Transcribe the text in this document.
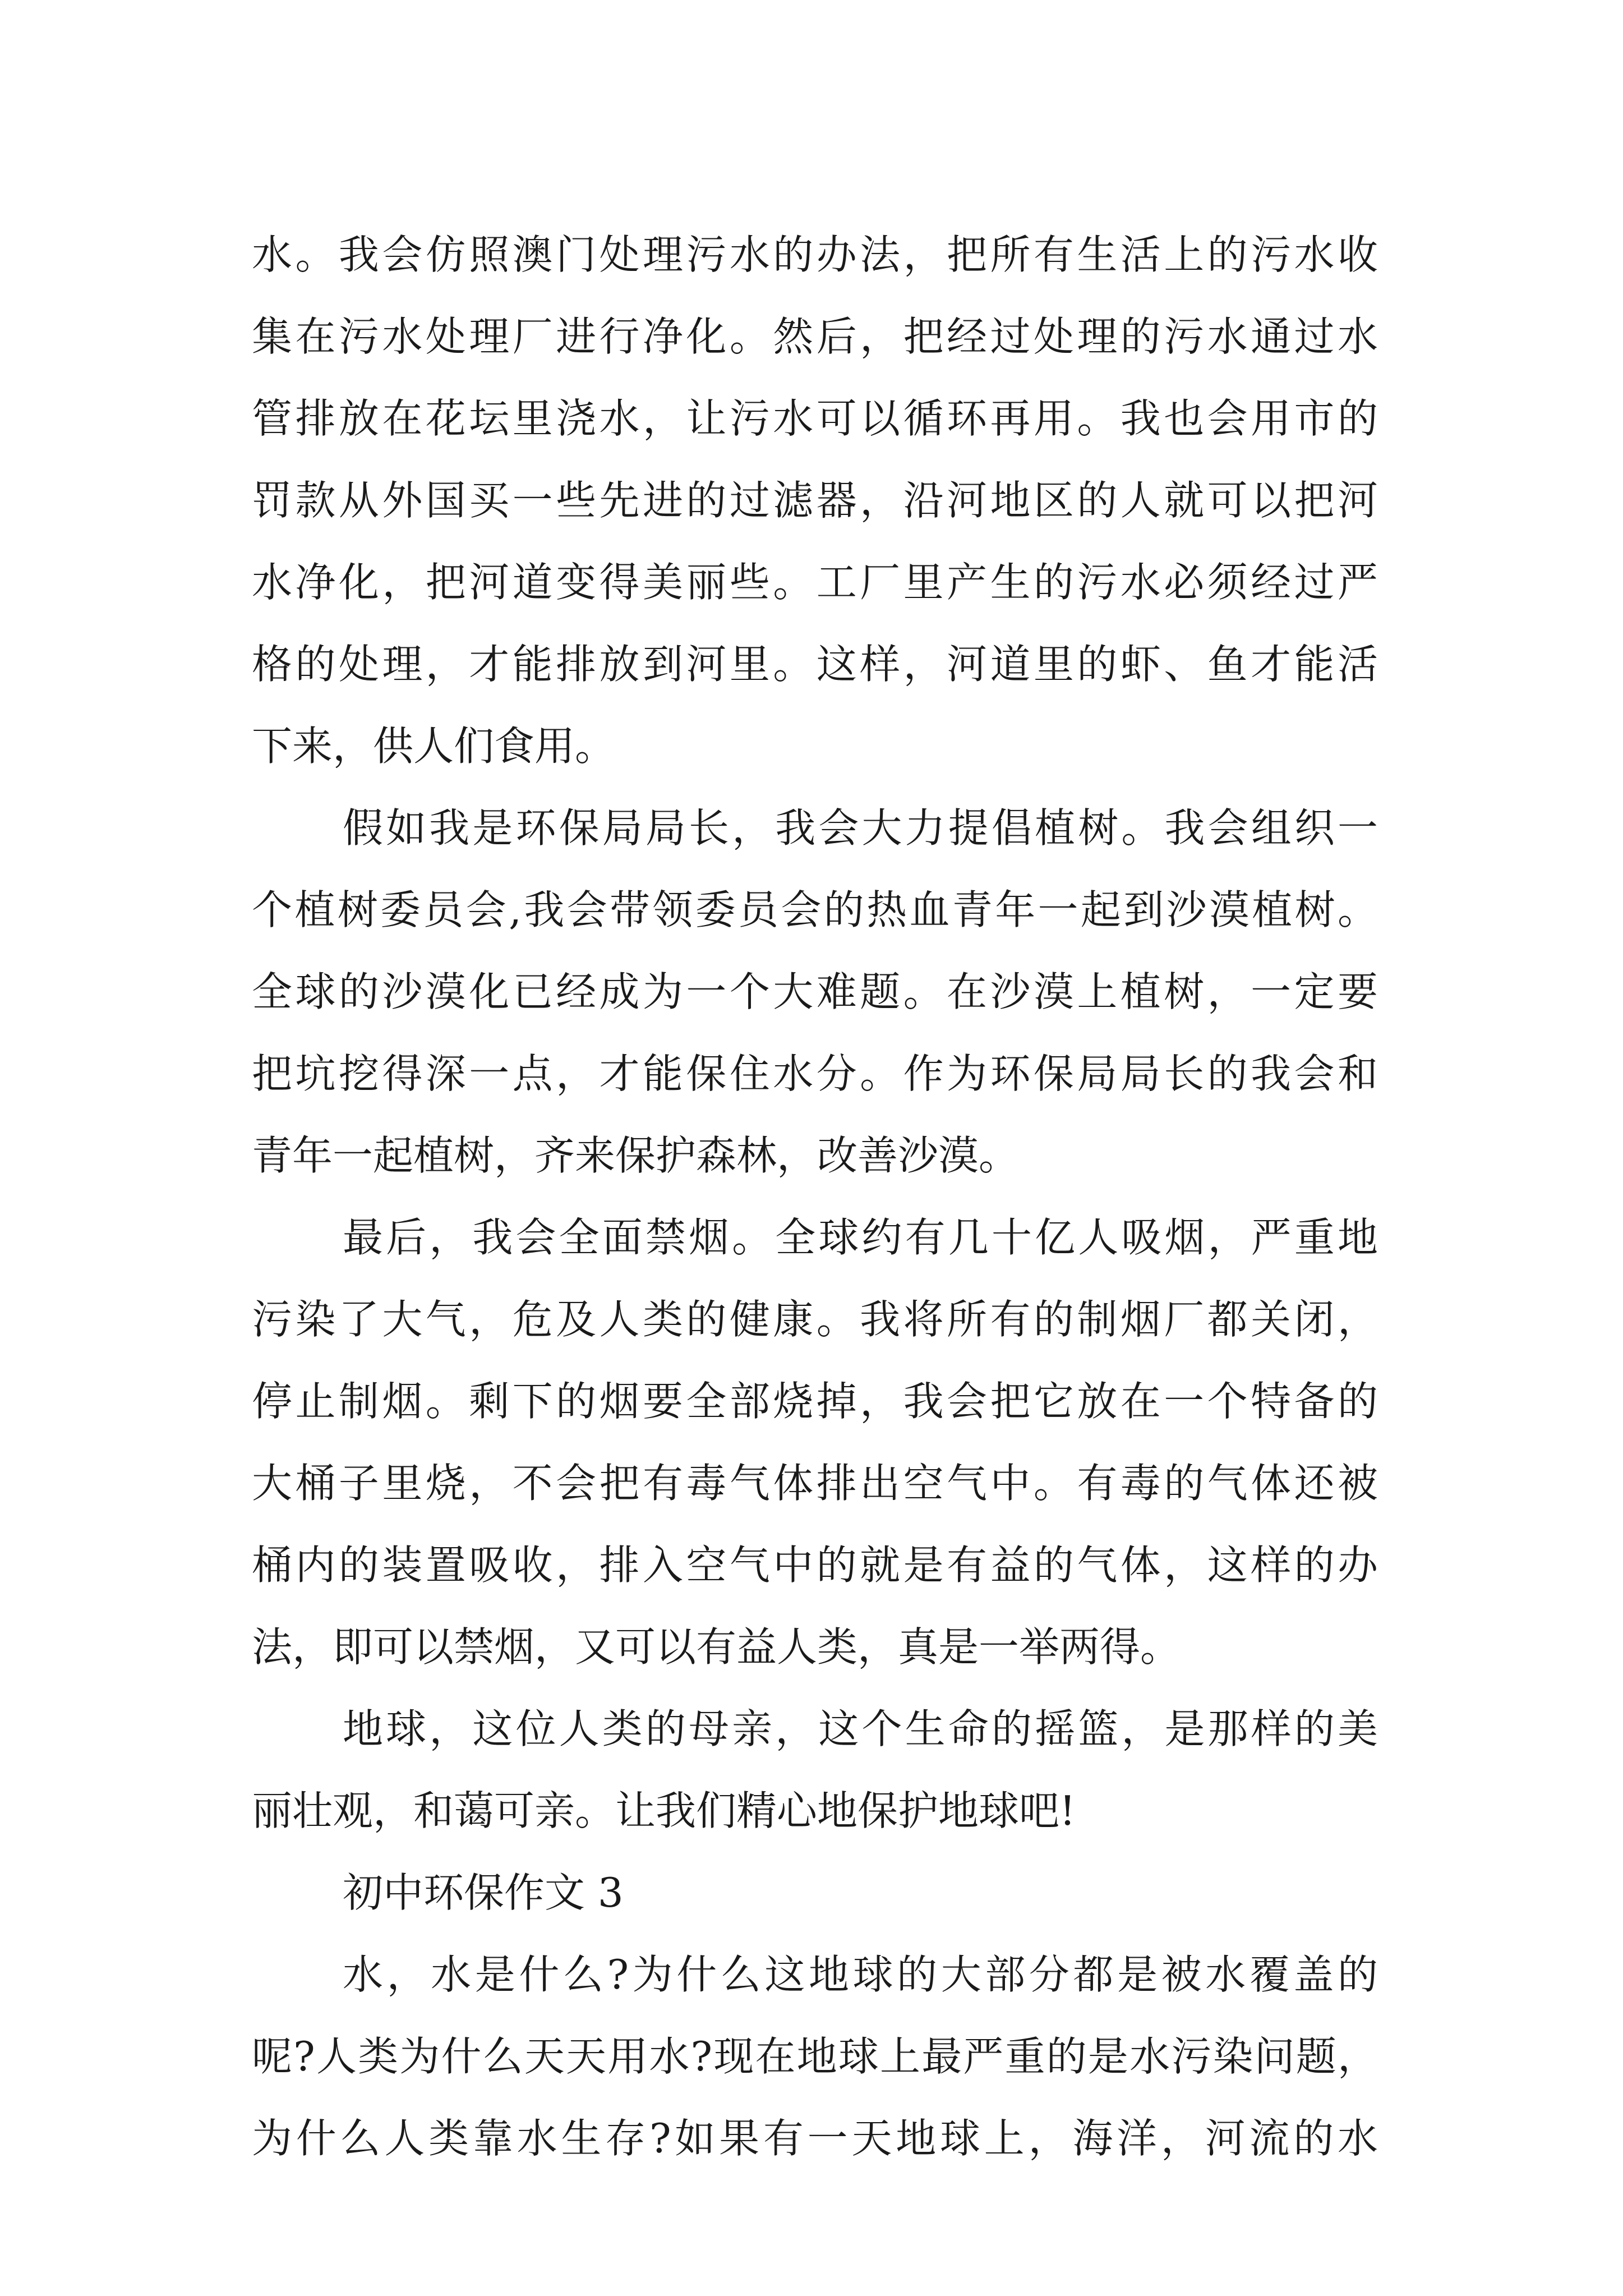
水。我会仿照澳门处理污水的办法，把所有生活上的污水收
集在污水处理厂进行净化。然后，把经过处理的污水通过水
管排放在花坛里浇水，让污水可以循环再用。我也会用市的
罚款从外国买一些先进的过滤器，沿河地区的人就可以把河
水净化，把河道变得美丽些。工厂里产生的污水必须经过严
格的处理，才能排放到河里。这样，河道里的虾、鱼才能活
下来，供人们食用。
假如我是环保局局长，我会大力提倡植树。我会组织一
个植树委员会,我会带领委员会的热血青年一起到沙漠植树。
全球的沙漠化已经成为一个大难题。在沙漠上植树，一定要
把坑挖得深一点，才能保住水分。作为环保局局长的我会和
青年一起植树，齐来保护森林，改善沙漠。
最后，我会全面禁烟。全球约有几十亿人吸烟，严重地
污染了大气，危及人类的健康。我将所有的制烟厂都关闭，
停止制烟。剩下的烟要全部烧掉，我会把它放在一个特备的
大桶子里烧，不会把有毒气体排出空气中。有毒的气体还被
桶内的装置吸收，排入空气中的就是有益的气体，这样的办
法，即可以禁烟，又可以有益人类，真是一举两得。
地球，这位人类的母亲，这个生命的摇篮，是那样的美
丽壮观，和蔼可亲。让我们精心地保护地球吧!
初中环保作文 3
水，水是什么?为什么这地球的大部分都是被水覆盖的
呢?人类为什么天天用水?现在地球上最严重的是水污染问题，
为什么人类靠水生存?如果有一天地球上，海洋，河流的水
